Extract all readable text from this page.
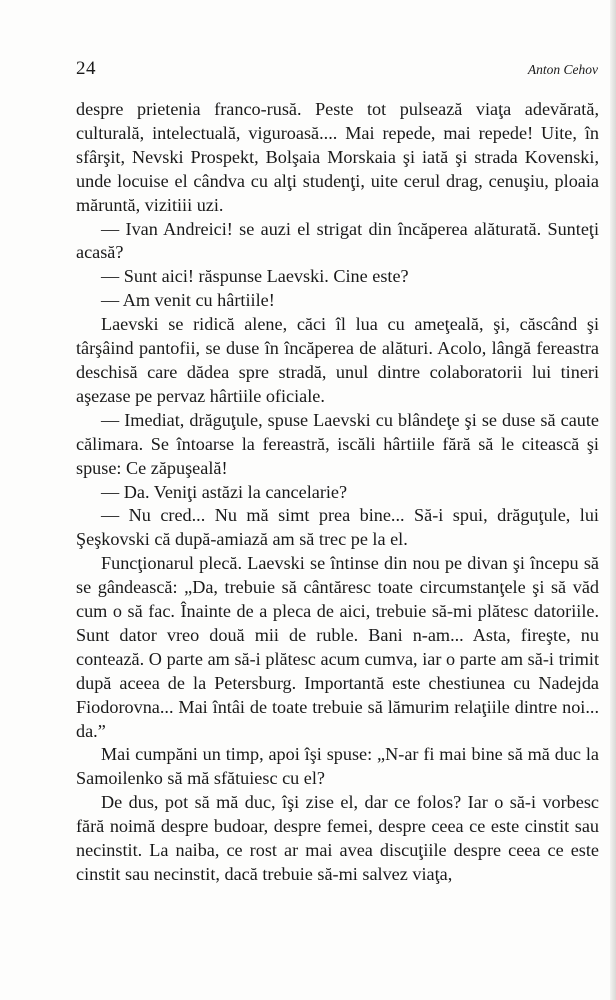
24	Anton Cehov

despre prietenia franco-rusă. Peste tot pulsează viaţa adevărată, culturală, intelectuală, viguroasă.... Mai repede, mai repede! Uite, în sfârşit, Nevski Prospekt, Bolşaia Morskaia şi iată şi strada Kovenski, unde locuise el cândva cu alţi studenţi, uite cerul drag, cenuşiu, ploaia măruntă, vizitiii uzi.

— Ivan Andreici! se auzi el strigat din încăperea alăturată. Sunteţi acasă?

— Sunt aici! răspunse Laevski. Cine este?

— Am venit cu hârtiile!

Laevski se ridică alene, căci îl lua cu ameţeală, şi, căscând şi târşâind pantofii, se duse în încăperea de alături. Acolo, lângă fereastra deschisă care dădea spre stradă, unul dintre colaboratorii lui tineri aşezase pe pervaz hârtiile oficiale.

— Imediat, drăguţule, spuse Laevski cu blândeţe şi se duse să caute călimara. Se întoarse la fereastră, iscăli hârtiile fără să le citească şi spuse: Ce zăpuşeală!

— Da. Veniţi astăzi la cancelarie?

— Nu cred... Nu mă simt prea bine... Să-i spui, drăguţule, lui Şeşkovski că după-amiază am să trec pe la el.

Funcţionarul plecă. Laevski se întinse din nou pe divan şi începu să se gândească: „Da, trebuie să cântăresc toate circumstanţele şi să văd cum o să fac. Înainte de a pleca de aici, trebuie să-mi plătesc datoriile. Sunt dator vreo două mii de ruble. Bani n-am... Asta, fireşte, nu contează. O parte am să-i plătesc acum cumva, iar o parte am să-i trimit după aceea de la Petersburg. Importantă este chestiunea cu Nadejda Fiodorovna... Mai întâi de toate trebuie să lămurim relaţiile dintre noi... da.”

Mai cumpăni un timp, apoi îşi spuse: „N-ar fi mai bine să mă duc la Samoilenko să mă sfătuiesc cu el?

De dus, pot să mă duc, îşi zise el, dar ce folos? Iar o să-i vorbesc fără noimă despre budoar, despre femei, despre ceea ce este cinstit sau necinstit. La naiba, ce rost ar mai avea discuţiile despre ceea ce este cinstit sau necinstit, dacă trebuie să-mi salvez viaţa,
